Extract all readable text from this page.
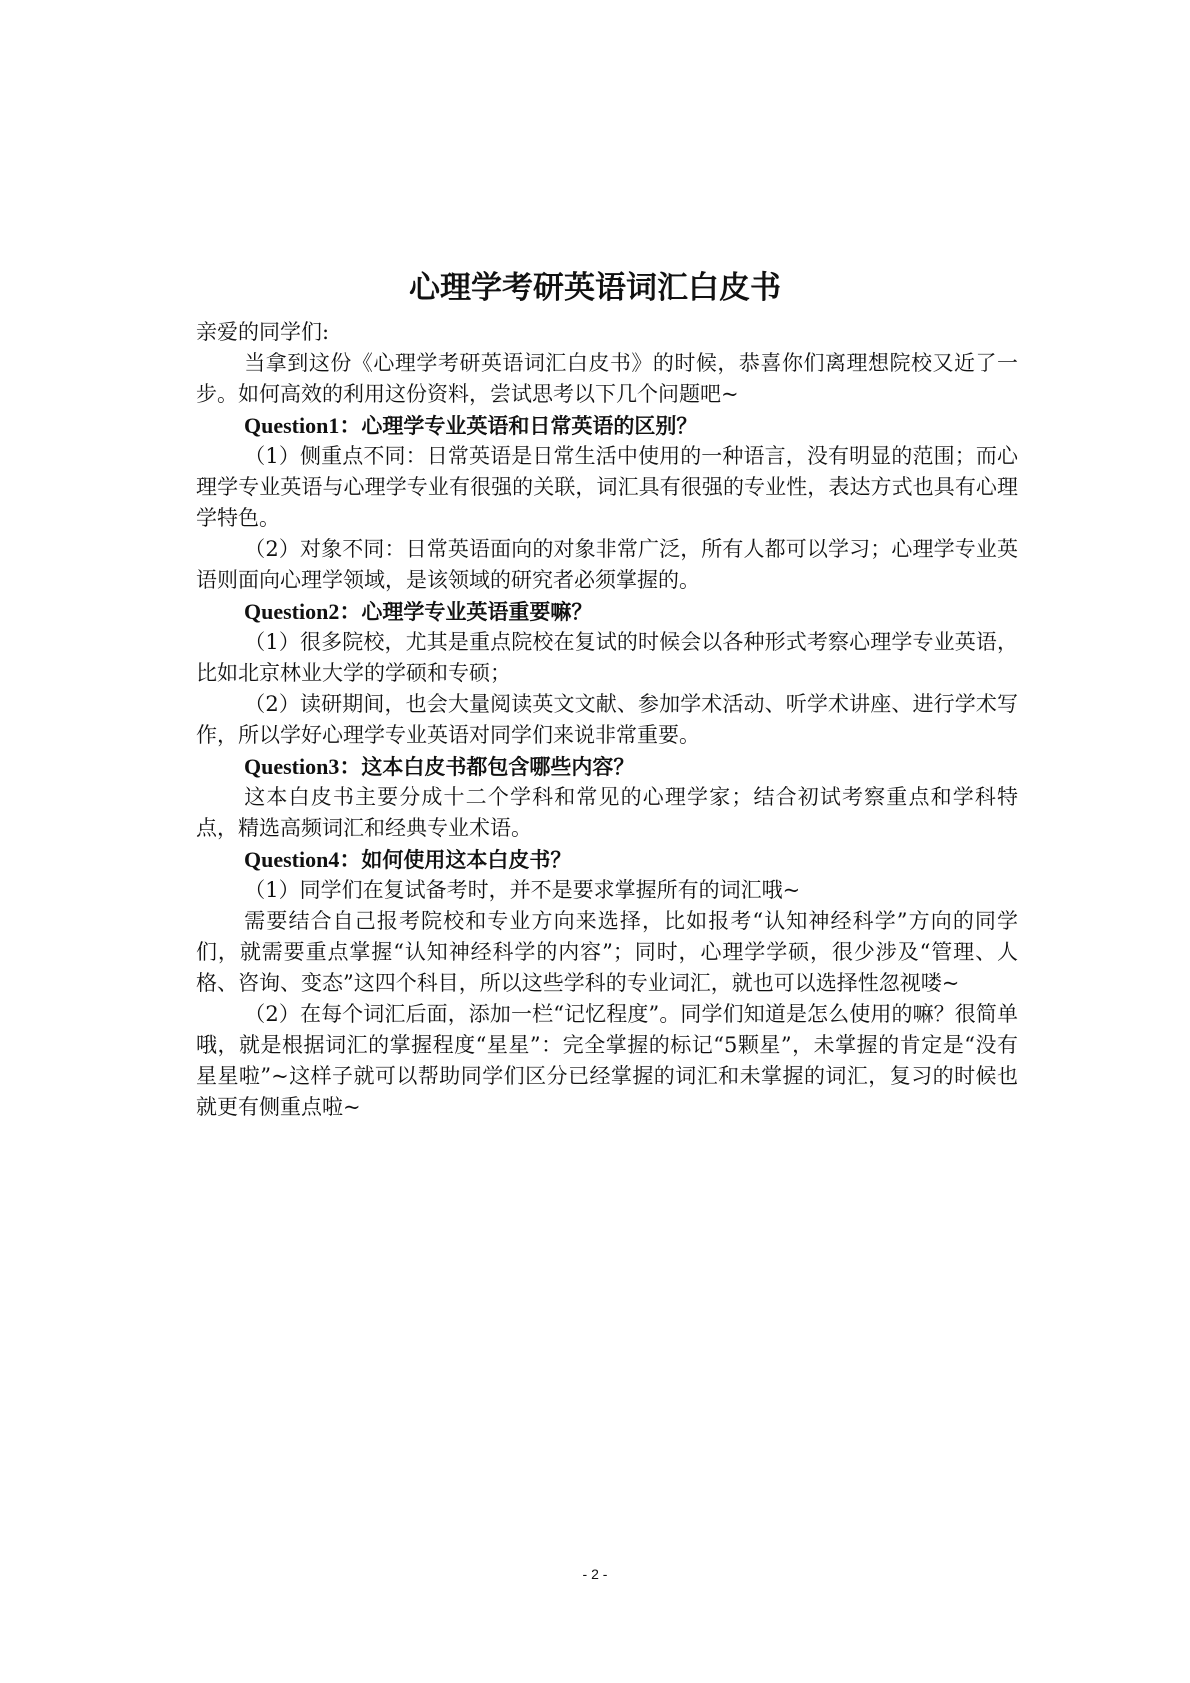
心理学考研英语词汇白皮书

亲爱的同学们:

当拿到这份《心理学考研英语词汇白皮书》的时候，恭喜你们离理想院校又近了一步。如何高效的利用这份资料，尝试思考以下几个问题吧~

Question1：心理学专业英语和日常英语的区别？

（1）侧重点不同：日常英语是日常生活中使用的一种语言，没有明显的范围；而心理学专业英语与心理学专业有很强的关联，词汇具有很强的专业性，表达方式也具有心理学特色。

（2）对象不同：日常英语面向的对象非常广泛，所有人都可以学习；心理学专业英语则面向心理学领域，是该领域的研究者必须掌握的。

Question2：心理学专业英语重要嘛？

（1）很多院校，尤其是重点院校在复试的时候会以各种形式考察心理学专业英语，比如北京林业大学的学硕和专硕；

（2）读研期间，也会大量阅读英文文献、参加学术活动、听学术讲座、进行学术写作，所以学好心理学专业英语对同学们来说非常重要。

Question3：这本白皮书都包含哪些内容？

这本白皮书主要分成十二个学科和常见的心理学家；结合初试考察重点和学科特点，精选高频词汇和经典专业术语。

Question4：如何使用这本白皮书？

（1）同学们在复试备考时，并不是要求掌握所有的词汇哦~

需要结合自己报考院校和专业方向来选择，比如报考“认知神经科学”方向的同学们，就需要重点掌握“认知神经科学的内容”；同时，心理学学硕，很少涉及“管理、人格、咨询、变态”这四个科目，所以这些学科的专业词汇，就也可以选择性忽视喽~

（2）在每个词汇后面，添加一栏“记忆程度”。同学们知道是怎么使用的嘛？很简单哦，就是根据词汇的掌握程度“星星”：完全掌握的标记“5颗星”，未掌握的肯定是“没有星星啦”~这样子就可以帮助同学们区分已经掌握的词汇和未掌握的词汇，复习的时候也就更有侧重点啦~

- 2 -
